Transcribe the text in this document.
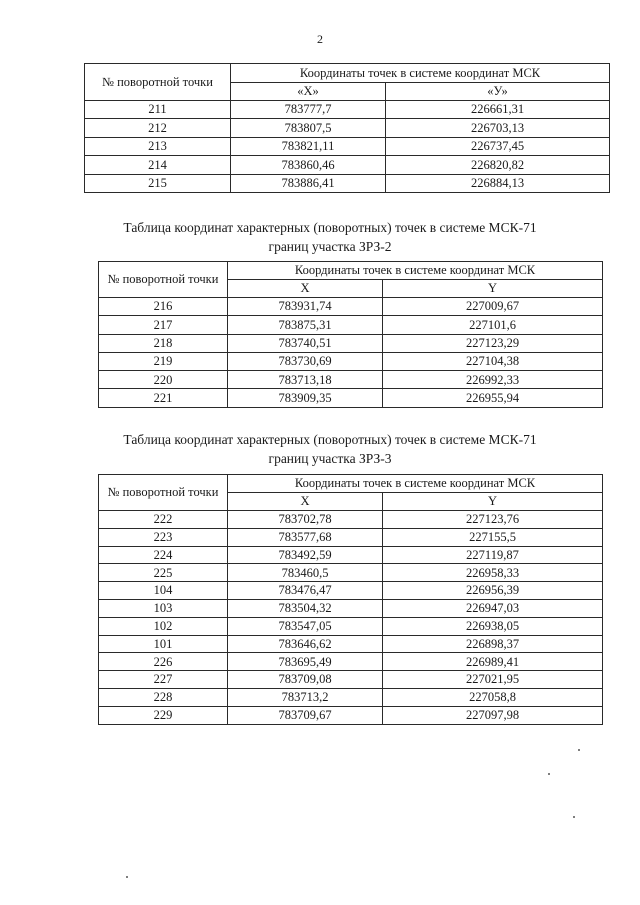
2
№ поворотной точки	Координаты точек в системе координат МСК	
	«Х»	«У»
211	783777,7	226661,31
212	783807,5	226703,13
213	783821,11	226737,45
214	783860,46	226820,82
215	783886,41	226884,13
Таблица координат характерных (поворотных) точек в системе МСК-71
границ участка ЗРЗ-2
№ поворотной точки	Координаты точек в системе координат МСК	
	Х	Y
216	783931,74	227009,67
217	783875,31	227101,6
218	783740,51	227123,29
219	783730,69	227104,38
220	783713,18	226992,33
221	783909,35	226955,94
Таблица координат характерных (поворотных) точек в системе МСК-71
границ участка ЗРЗ-3
№ поворотной точки	Координаты точек в системе координат МСК	
	Х	Y
222	783702,78	227123,76
223	783577,68	227155,5
224	783492,59	227119,87
225	783460,5	226958,33
104	783476,47	226956,39
103	783504,32	226947,03
102	783547,05	226938,05
101	783646,62	226898,37
226	783695,49	226989,41
227	783709,08	227021,95
228	783713,2	227058,8
229	783709,67	227097,98
